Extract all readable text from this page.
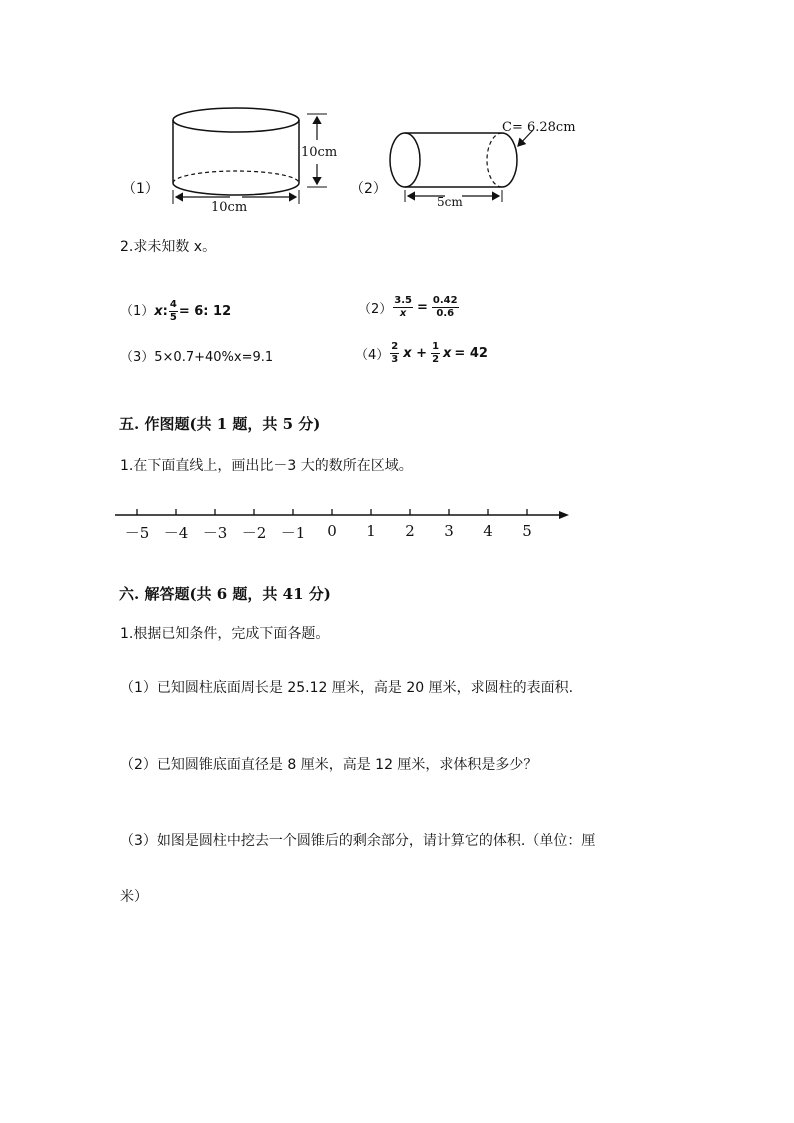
（1）
10cm
10cm
（2）
C= 6.28cm
5cm
2.求未知数 x。
（1）x: $\frac{4}{5} = 6$: 12	$(2) \frac{3.5}{x} = \frac{0.42}{0.6}$
（3）5×0.7+40%x=9.1	$(4) \frac{2}{3}$ $x + \frac{1}{2}$ x = 42
五. 作图题(共 1 题，共 5 分)
1.在下面直线上，画出比－3 大的数所在区域。
－5 －4 －3 －2 －1	0	1	2	3	4	5
六. 解答题(共 6 题，共 41 分)
1.根据已知条件，完成下面各题。
（1）已知圆柱底面周长是 25.12 厘米，高是 20 厘米，求圆柱的表面积.
（2）已知圆锥底面直径是 8 厘米，高是 12 厘米，求体积是多少？
（3）如图是圆柱中挖去一个圆锥后的剩余部分，请计算它的体积.（单位：厘
米）
